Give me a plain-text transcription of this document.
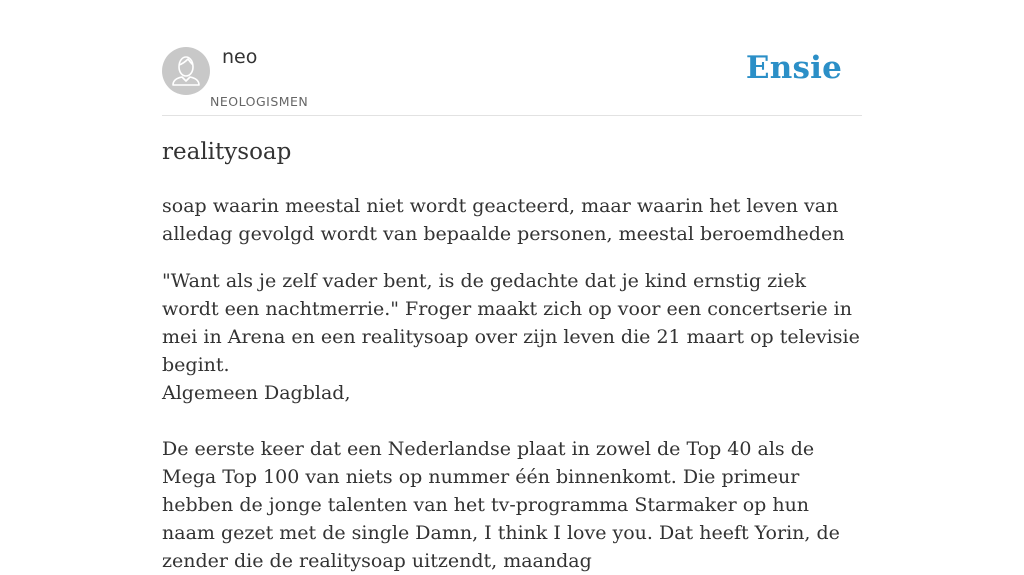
neo
NEOLOGISMEN
Ensie
realitysoap

soap waarin meestal niet wordt geacteerd, maar waarin het leven van alledag gevolgd wordt van bepaalde personen, meestal beroemdheden

"Want als je zelf vader bent, is de gedachte dat je kind ernstig ziek wordt een nachtmerrie." Froger maakt zich op voor een concertserie in mei in Arena en een realitysoap over zijn leven die 21 maart op televisie begint.
Algemeen Dagblad,
De eerste keer dat een Nederlandse plaat in zowel de Top 40 als de Mega Top 100 van niets op nummer één binnenkomt. Die primeur hebben de jonge talenten van het tv-programma Starmaker op hun naam gezet met de single Damn, I think I love you. Dat heeft Yorin, de zender die de realitysoap uitzendt, maandag
